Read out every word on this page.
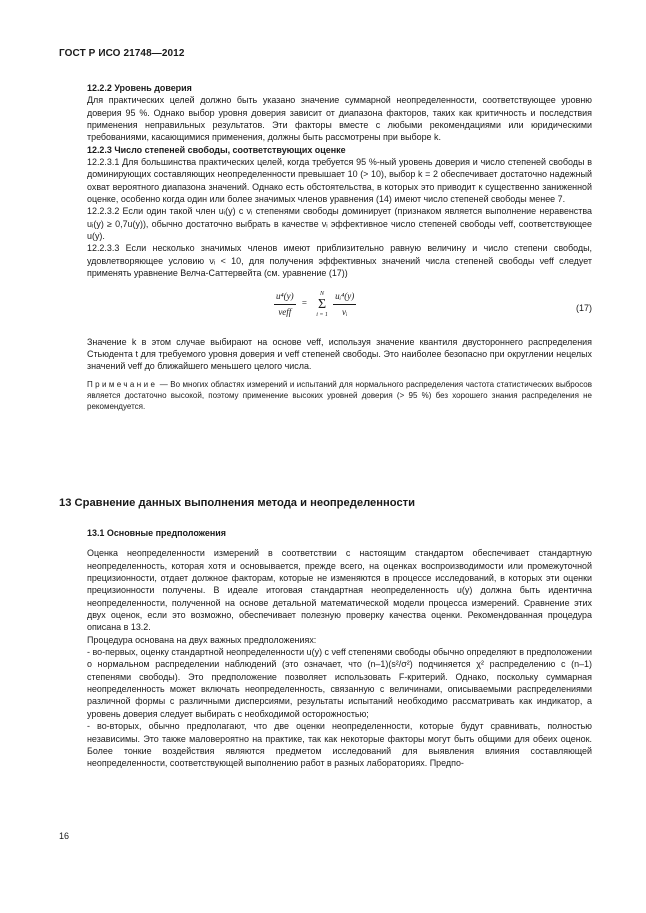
ГОСТ Р ИСО 21748—2012

12.2.2 Уровень доверия

Для практических целей должно быть указано значение суммарной неопределенности, соответствующее уровню доверия 95 %. Однако выбор уровня доверия зависит от диапазона факторов, таких как критичность и последствия применения неправильных результатов. Эти факторы вместе с любыми рекомендациями или юридическими требованиями, касающимися применения, должны быть рассмотрены при выборе k.

12.2.3 Число степеней свободы, соответствующих оценке

12.2.3.1 Для большинства практических целей, когда требуется 95 %-ный уровень доверия и число степеней свободы в доминирующих составляющих неопределенности превышает 10 (> 10), выбор k = 2 обеспечивает достаточно надежный охват вероятного диапазона значений. Однако есть обстоятельства, в которых это приводит к существенно заниженной оценке, особенно когда один или более значимых членов уравнения (14) имеют число степеней свободы менее 7.

12.2.3.2 Если один такой член uᵢ(y) с νᵢ степенями свободы доминирует (признаком является выполнение неравенства uᵢ(y) ≥ 0,7u(y)), обычно достаточно выбрать в качестве νᵢ эффективное число степеней свободы νeff, соответствующее u(y).

12.2.3.3 Если несколько значимых членов имеют приблизительно равную величину и число степени свободы, удовлетворяющее условию νᵢ < 10, для получения эффективных значений числа степеней свободы νeff следует применять уравнение Велча-Саттервейта (см. уравнение (17))

$\frac{\text{u⁴(y)}}{\text{νeff}}$ =
N
Σ
i = 1
$\frac{\text{uᵢ⁴(y)}}{\text{νᵢ}}$	(17)

Значение k в этом случае выбирают на основе νeff, используя значение квантиля двустороннего распределения Стьюдента t для требуемого уровня доверия и νeff степеней свободы. Это наиболее безопасно при округлении нецелых значений νeff до ближайшего меньшего целого числа.

Примечание — Во многих областях измерений и испытаний для нормального распределения частота статистических выбросов является достаточно высокой, поэтому применение высоких уровней доверия (> 95 %) без хорошего знания распределения не рекомендуется.

13 Сравнение данных выполнения метода и неопределенности

13.1 Основные предположения

Оценка неопределенности измерений в соответствии с настоящим стандартом обеспечивает стандартную неопределенность, которая хотя и основывается, прежде всего, на оценках воспроизводимости или промежуточной прецизионности, отдает должное факторам, которые не изменяются в процессе исследований, в которых эти оценки прецизионности получены. В идеале итоговая стандартная неопределенность u(y) должна быть идентична неопределенности, полученной на основе детальной математической модели процесса измерений. Сравнение этих двух оценок, если это возможно, обеспечивает полезную проверку качества оценки. Рекомендованная процедура описана в 13.2.

Процедура основана на двух важных предположениях:

- во-первых, оценку стандартной неопределенности u(y) с νeff степенями свободы обычно определяют в предположении о нормальном распределении наблюдений (это означает, что (n–1)(s²/σ²) подчиняется χ² распределению с (n–1) степенями свободы). Это предположение позволяет использовать F-критерий. Однако, поскольку суммарная неопределенность может включать неопределенность, связанную с величинами, описываемыми распределениями различной формы с различными дисперсиями, результаты испытаний необходимо рассматривать как индикатор, а уровень доверия следует выбирать с необходимой осторожностью;

- во-вторых, обычно предполагают, что две оценки неопределенности, которые будут сравнивать, полностью независимы. Это также маловероятно на практике, так как некоторые факторы могут быть общими для обеих оценок. Более тонкие воздействия являются предметом исследований для выявления влияния составляющей неопределенности, соответствующей выполнению работ в разных лабораториях. Предпо-

16
